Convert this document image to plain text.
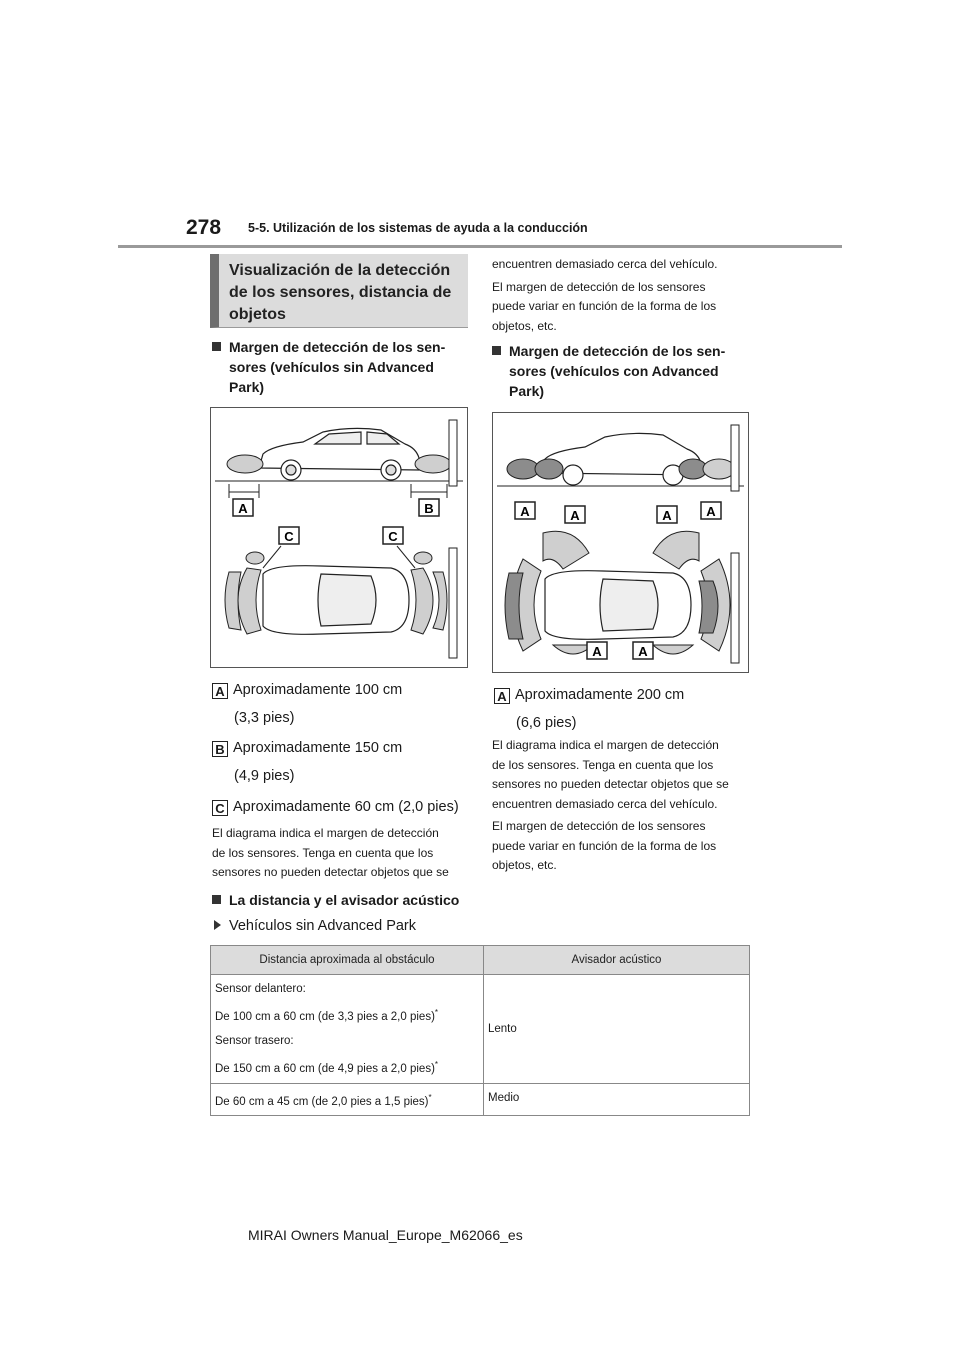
278 5-5. Utilización de los sistemas de ayuda a la conducción
Visualización de la detección
de los sensores, distancia de
objetos
Margen de detección de los sen-
sores (vehículos sin Advanced
Park)
A	B
C	C
A Aproximadamente 100 cm
(3,3 pies)
B Aproximadamente 150 cm
(4,9 pies)
C Aproximadamente 60 cm (2,0 pies)
El diagrama indica el margen de detección
de los sensores. Tenga en cuenta que los
sensores no pueden detectar objetos que se
La distancia y el avisador acústico
Vehículos sin Advanced Park
encuentren demasiado cerca del vehículo.
El margen de detección de los sensores
puede variar en función de la forma de los
objetos, etc.
Margen de detección de los sen-
sores (vehículos con Advanced
Park)
A	A	A	A
A	A
A Aproximadamente 200 cm
(6,6 pies)
El diagrama indica el margen de detección
de los sensores. Tenga en cuenta que los
sensores no pueden detectar objetos que se
encuentren demasiado cerca del vehículo.
El margen de detección de los sensores
puede variar en función de la forma de los
objetos, etc.
Distancia aproximada al obstáculo	Avisador acústico

Sensor delantero:

De 100 cm a 60 cm (de 3,3 pies a 2,0 pies)*

Sensor trasero:

De 150 cm a 60 cm (de 4,9 pies a 2,0 pies)*	Lento
De 60 cm a 45 cm (de 2,0 pies a 1,5 pies)*	Medio
MIRAI Owners Manual_Europe_M62066_es
